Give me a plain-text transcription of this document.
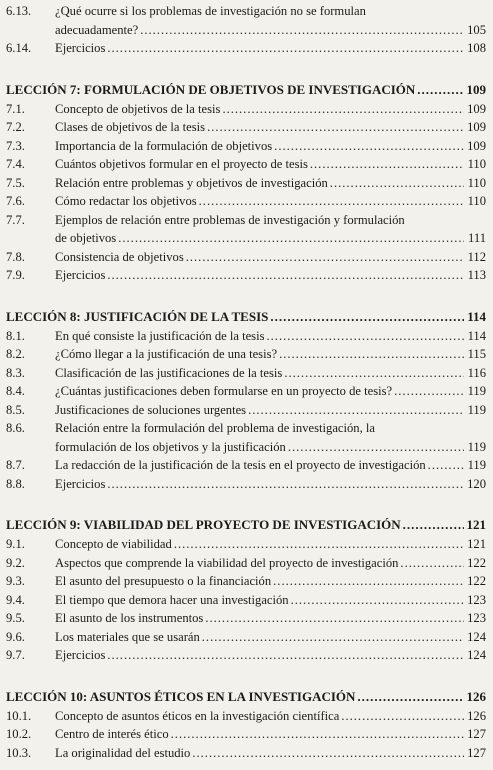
6.13.	¿Qué ocurre si los problemas de investigación no se formulan
adecuadamente? .....	105
6.14.	Ejercicios .....	108
LECCIÓN 7: FORMULACIÓN DE OBJETIVOS DE INVESTIGACIÓN .....	109
7.1.	Concepto de objetivos de la tesis .....	109
7.2.	Clases de objetivos de la tesis .....	109
7.3.	Importancia de la formulación de objetivos .....	109
7.4.	Cuántos objetivos formular en el proyecto de tesis .....	110
7.5.	Relación entre problemas y objetivos de investigación .....	110
7.6.	Cómo redactar los objetivos .....	110
7.7.	Ejemplos de relación entre problemas de investigación y formulación
de objetivos .....	111
7.8.	Consistencia de objetivos .....	112
7.9.	Ejercicios .....	113
LECCIÓN 8: JUSTIFICACIÓN DE LA TESIS .....	114
8.1.	En qué consiste la justificación de la tesis .....	114
8.2.	¿Cómo llegar a la justificación de una tesis? .....	115
8.3.	Clasificación de las justificaciones de la tesis .....	116
8.4.	¿Cuántas justificaciones deben formularse en un proyecto de tesis? .....	119
8.5.	Justificaciones de soluciones urgentes .....	119
8.6.	Relación entre la formulación del problema de investigación, la
formulación de los objetivos y la justificación .....	119
8.7.	La redacción de la justificación de la tesis en el proyecto de investigación .....	119
8.8.	Ejercicios .....	120
LECCIÓN 9: VIABILIDAD DEL PROYECTO DE INVESTIGACIÓN .....	121
9.1.	Concepto de viabilidad .....	121
9.2.	Aspectos que comprende la viabilidad del proyecto de investigación .....	122
9.3.	El asunto del presupuesto o la financiación .....	122
9.4.	El tiempo que demora hacer una investigación .....	123
9.5.	El asunto de los instrumentos .....	123
9.6.	Los materiales que se usarán .....	124
9.7.	Ejercicios .....	124
LECCIÓN 10: ASUNTOS ÉTICOS EN LA INVESTIGACIÓN .....	126
10.1.	Concepto de asuntos éticos en la investigación científica .....	126
10.2.	Centro de interés ético .....	127
10.3.	La originalidad del estudio .....	127
